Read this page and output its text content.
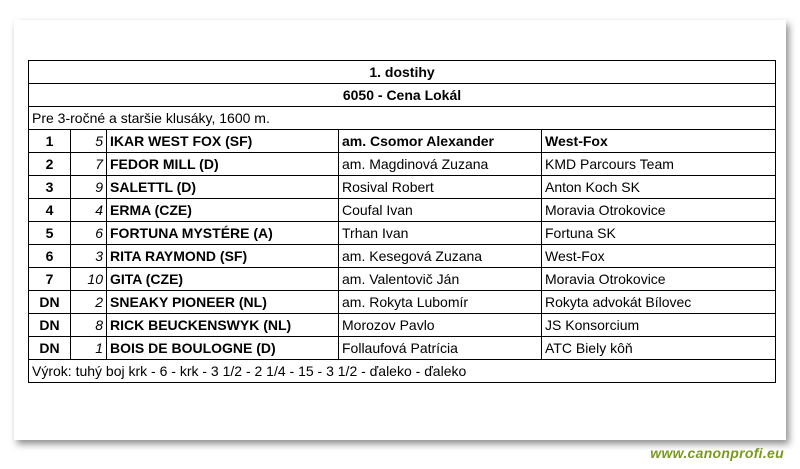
1. dostihy				
6050 - Cena Lokál				
Pre 3-ročné a staršie klusáky, 1600 m.				
1	5	IKAR WEST FOX (SF)	am. Csomor Alexander	West-Fox
2	7	FEDOR MILL (D)	am. Magdinová Zuzana	KMD Parcours Team
3	9	SALETTL (D)	Rosival Robert	Anton Koch SK
4	4	ERMA (CZE)	Coufal Ivan	Moravia Otrokovice
5	6	FORTUNA MYSTÉRE (A)	Trhan Ivan	Fortuna SK
6	3	RITA RAYMOND (SF)	am. Kesegová Zuzana	West-Fox
7	10	GITA (CZE)	am. Valentovič Ján	Moravia Otrokovice
DN	2	SNEAKY PIONEER (NL)	am. Rokyta Lubomír	Rokyta advokát Bílovec
DN	8	RICK BEUCKENSWYK (NL)	Morozov Pavlo	JS Konsorcium
DN	1	BOIS DE BOULOGNE (D)	Follaufová Patrícia	ATC Biely kôň
Výrok: tuhý boj krk - 6 - krk - 3 1/2 - 2 1/4 - 15 - 3 1/2 - ďaleko - ďaleko				
www.canonprofi.eu
